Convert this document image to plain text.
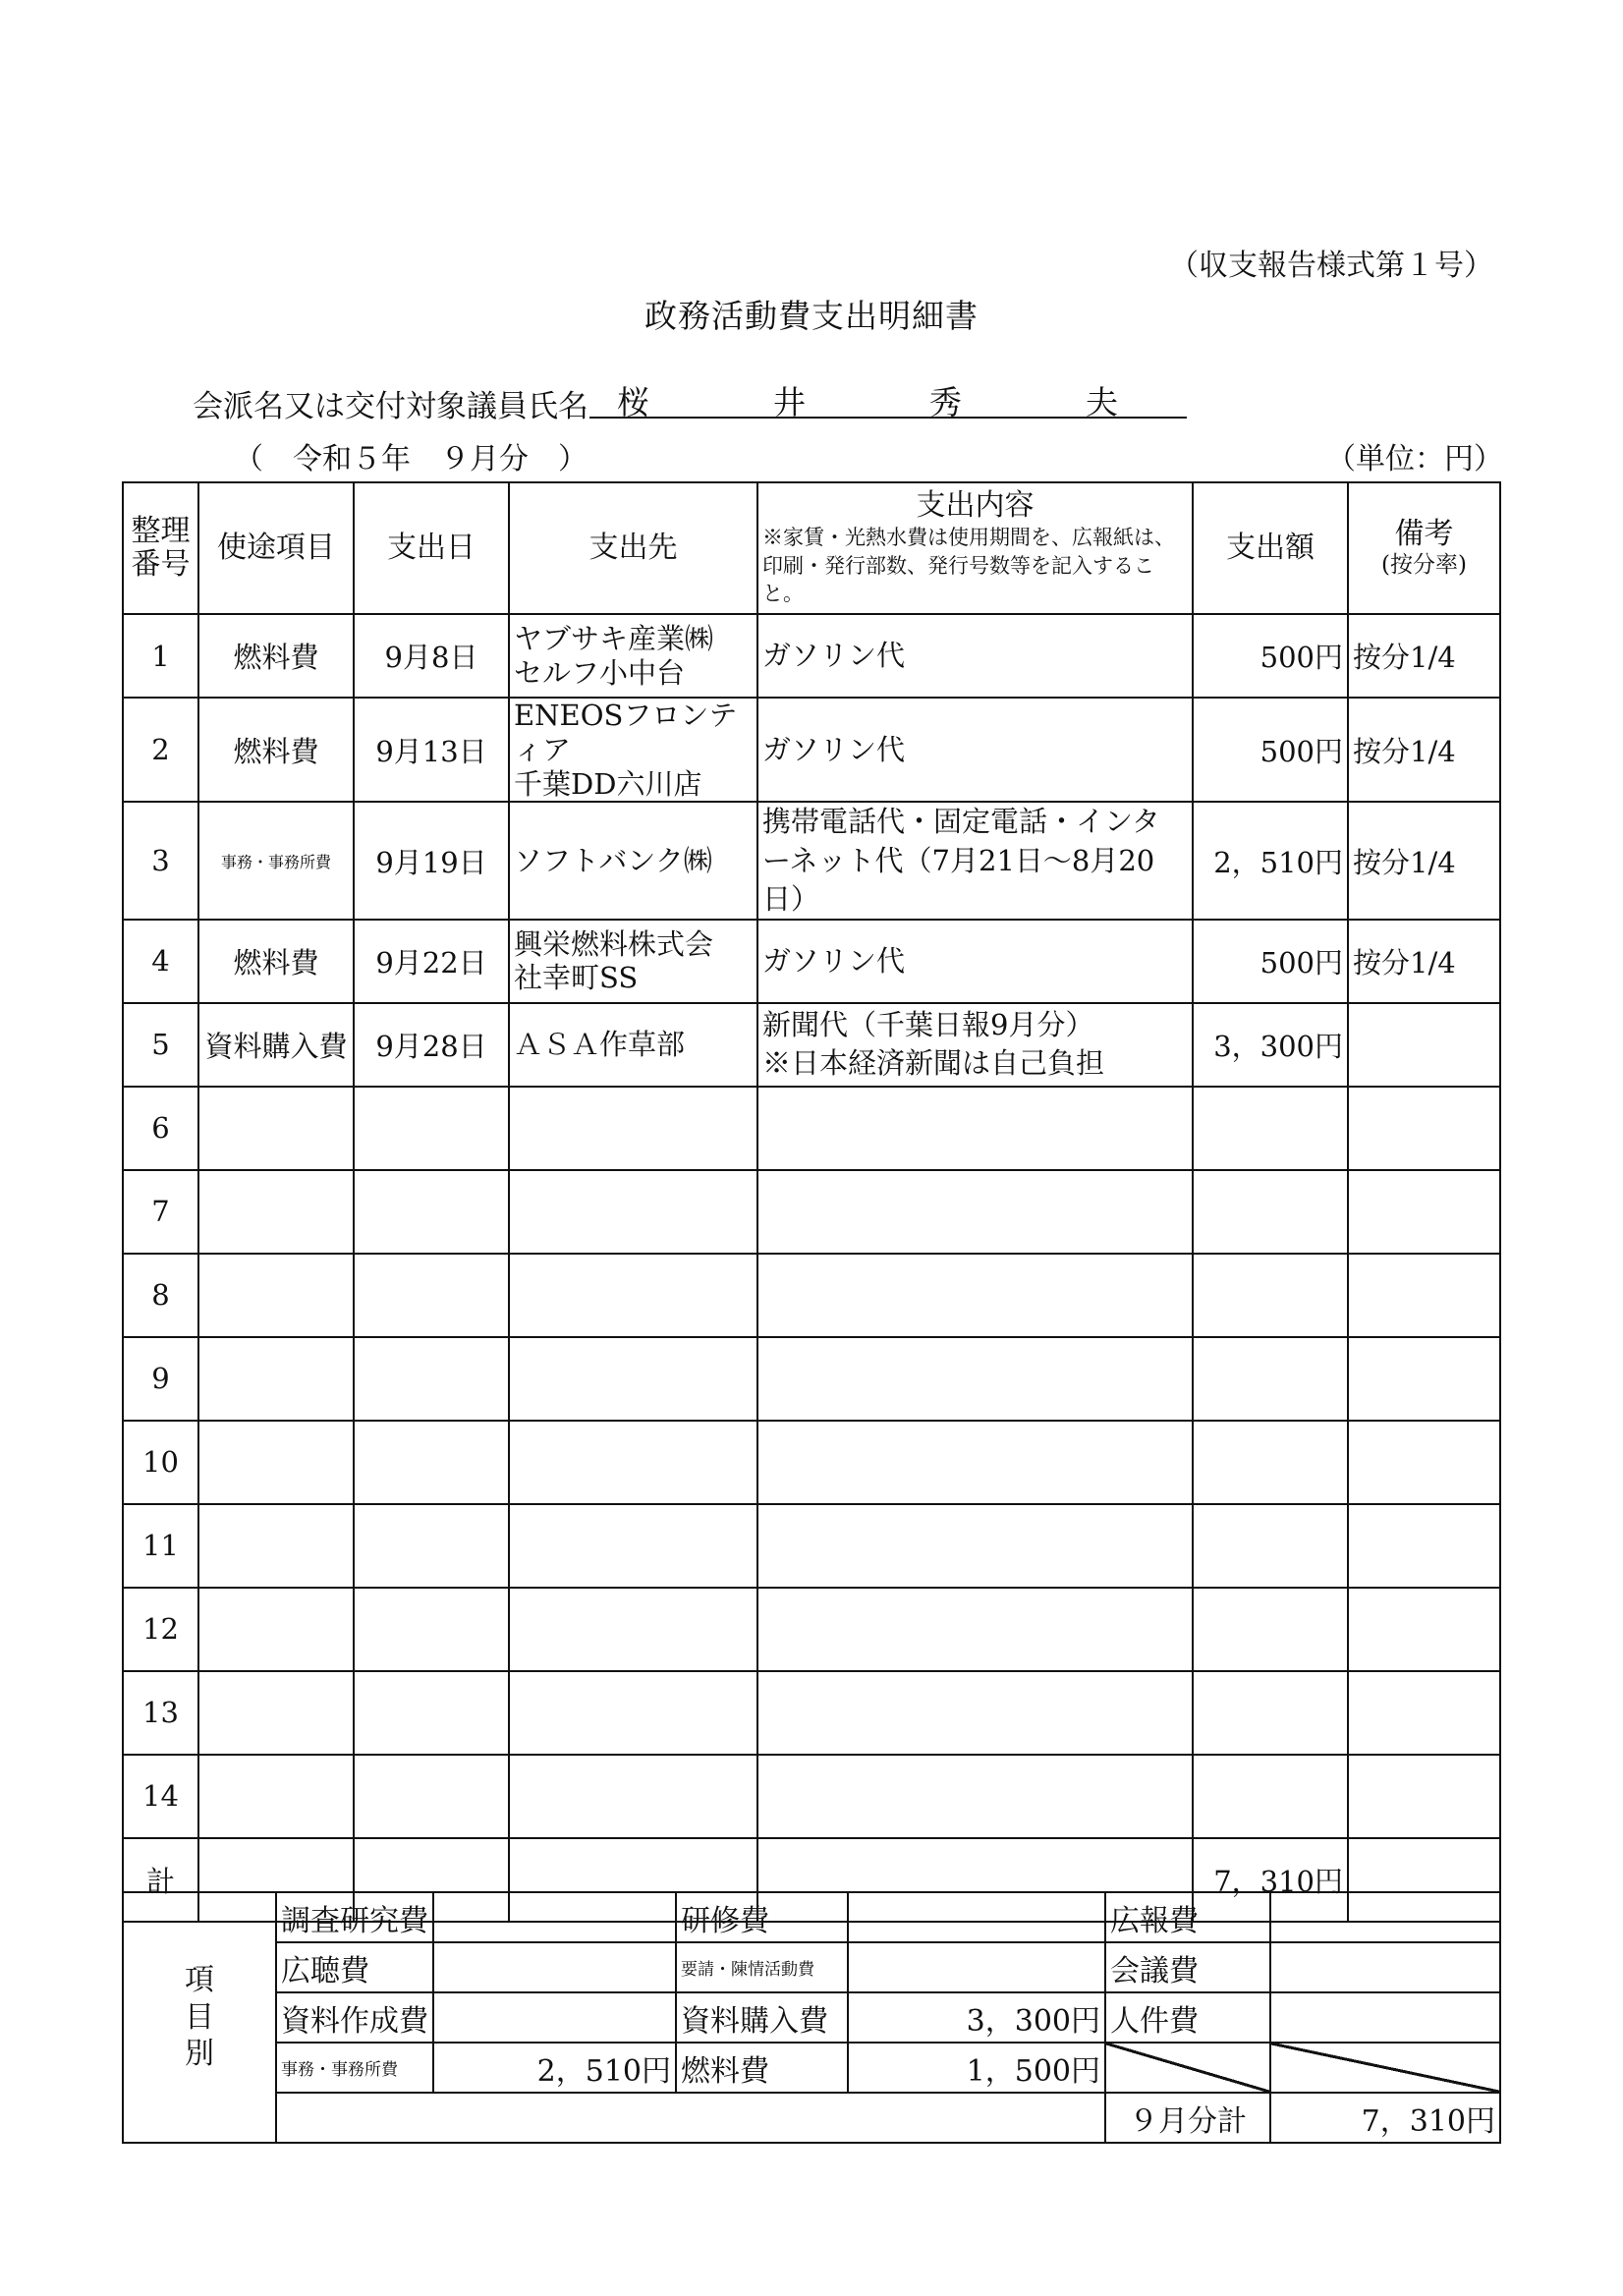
（収支報告様式第１号）
政務活動費支出明細書
会派名又は交付対象議員氏名 桜井秀夫
（　令和５年　９月分　）	（単位：円）
整理番号	使途項目	支出日	支出先	支出内容
※家賃・光熱水費は使用期間を、広報紙は、印刷・発行部数、発行号数等を記入すること。	支出額	備考
(按分率)

1	燃料費	9月8日	ヤブサキ産業㈱
セルフ小中台	ガソリン代	500円	按分1/4
2	燃料費	9月13日	ENEOSフロンティア
千葉DD六川店	ガソリン代	500円	按分1/4
3	事務・事務所費	9月19日	ソフトバンク㈱	携帯電話代・固定電話・インターネット代（7月21日～8月20日）	2，510円	按分1/4
4	燃料費	9月22日	興栄燃料株式会
社幸町SS	ガソリン代	500円	按分1/4
5	資料購入費	9月28日	ＡＳＡ作草部	新聞代（千葉日報9月分）
※日本経済新聞は自己負担	3，300円	
6						
7						
8						
9						
10						
11						
12						
13						
14						
計					7，310円	
項目別	調査研究費		研修費		広報費	
	広聴費		要請・陳情活動費		会議費	
	資料作成費		資料購入費	3，300円	人件費	
	事務・事務所費	2，510円	燃料費	1，500円		
					９月分計	7，310円
